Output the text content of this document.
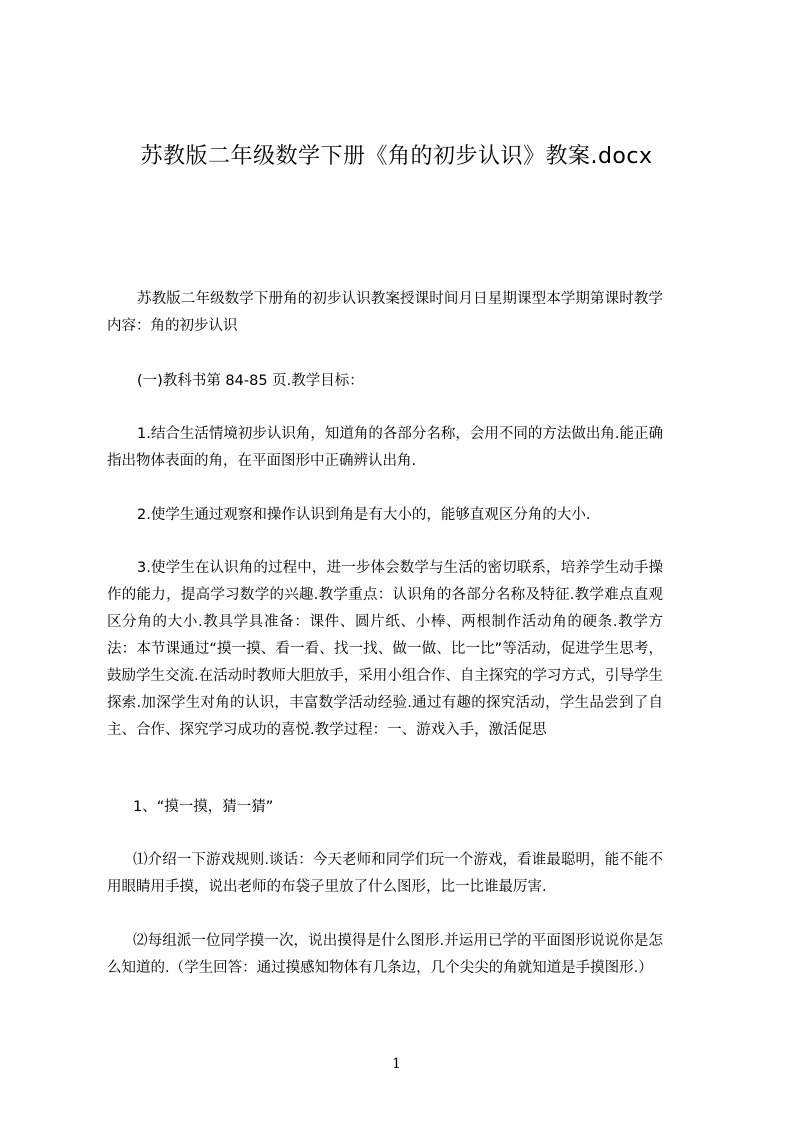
苏教版二年级数学下册《角的初步认识》教案.docx

苏教版二年级数学下册角的初步认识教案授课时间月日星期课型本学期第课时教学内容：角的初步认识

(一)教科书第 84-85 页.教学目标：

1.结合生活情境初步认识角，知道角的各部分名称，会用不同的方法做出角.能正确指出物体表面的角，在平面图形中正确辨认出角.

2.使学生通过观察和操作认识到角是有大小的，能够直观区分角的大小.

3.使学生在认识角的过程中，进一步体会数学与生活的密切联系，培养学生动手操作的能力，提高学习数学的兴趣.教学重点：认识角的各部分名称及特征.教学难点直观区分角的大小.教具学具准备：课件、圆片纸、小棒、两根制作活动角的硬条.教学方法：本节课通过“摸一摸、看一看、找一找、做一做、比一比”等活动，促进学生思考，鼓励学生交流.在活动时教师大胆放手，采用小组合作、自主探究的学习方式，引导学生探索.加深学生对角的认识，丰富数学活动经验.通过有趣的探究活动，学生品尝到了自主、合作、探究学习成功的喜悦.教学过程：一、游戏入手，激活促思

1、“摸一摸，猜一猜”

⑴介绍一下游戏规则.谈话：今天老师和同学们玩一个游戏，看谁最聪明，能不能不用眼睛用手摸，说出老师的布袋子里放了什么图形，比一比谁最厉害.

⑵每组派一位同学摸一次，说出摸得是什么图形.并运用已学的平面图形说说你是怎么知道的.（学生回答：通过摸感知物体有几条边，几个尖尖的角就知道是手摸图形.）

1
